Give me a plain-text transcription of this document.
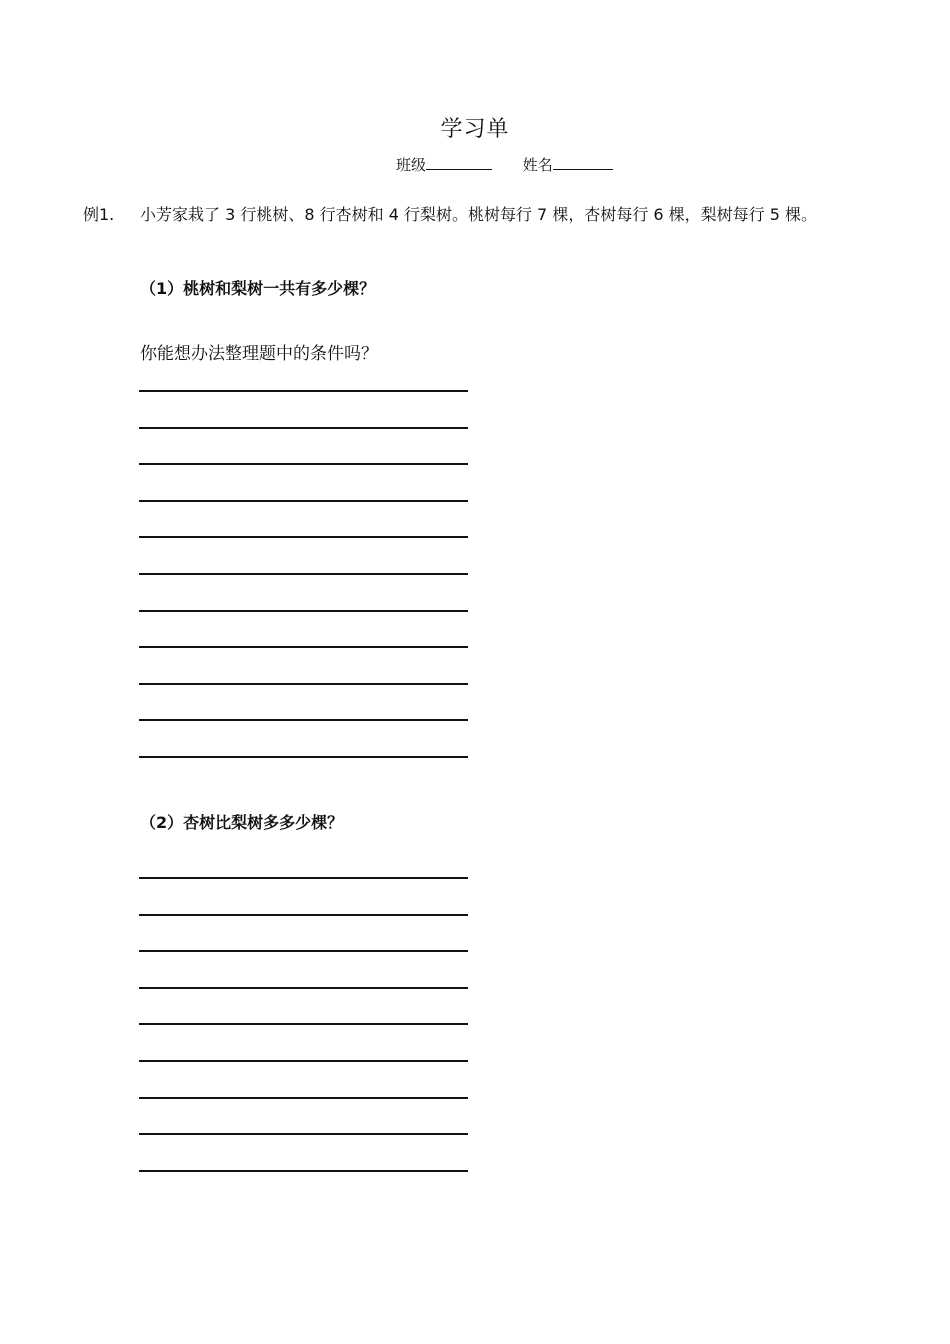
学习单
班级	姓名
例1. 小芳家栽了 3 行桃树、8 行杏树和 4 行梨树。桃树每行 7 棵，杏树每行 6 棵，梨树每行 5 棵。
（1）桃树和梨树一共有多少棵？
你能想办法整理题中的条件吗？
（2）杏树比梨树多多少棵？
